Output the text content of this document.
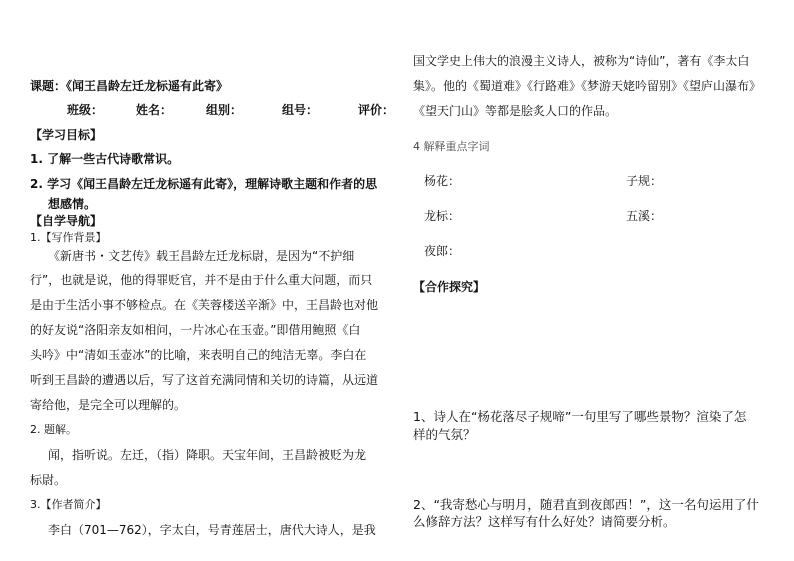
课题：《闻王昌龄左迁龙标遥有此寄》
班级：	姓名：	组别：	组号：	评价：
【学习目标】
1. 了解一些古代诗歌常识。
2. 学习《闻王昌龄左迁龙标遥有此寄》，理解诗歌主题和作者的思
想感情。
【自学导航】
1.【写作背景】
《新唐书・文艺传》载王昌龄左迁龙标尉，是因为“不护细
行”，也就是说，他的得罪贬官，并不是由于什么重大问题，而只
是由于生活小事不够检点。在《芙蓉楼送辛渐》中，王昌龄也对他
的好友说“洛阳亲友如相问，一片冰心在玉壶。”即借用鲍照《白
头吟》中“清如玉壶冰”的比喻，来表明自己的纯洁无辜。李白在
听到王昌龄的遭遇以后，写了这首充满同情和关切的诗篇，从远道
寄给他，是完全可以理解的。
2. 题解。
闻，指听说。左迁，（指）降职。天宝年间，王昌龄被贬为龙
标尉。
3.【作者简介】
李白（701—762），字太白，号青莲居士，唐代大诗人，是我
国文学史上伟大的浪漫主义诗人，被称为“诗仙”，著有《李太白
集》。他的《蜀道难》《行路难》《梦游天姥吟留别》《望庐山瀑布》
《望天门山》等都是脍炙人口的作品。
4 解释重点字词
杨花：	子规：
龙标：	五溪：
夜郎：
【合作探究】
1、诗人在“杨花落尽子规啼”一句里写了哪些景物？渲染了怎
样的气氛？
2、“我寄愁心与明月，随君直到夜郎西！”，这一名句运用了什
么修辞方法？这样写有什么好处？请简要分析。
